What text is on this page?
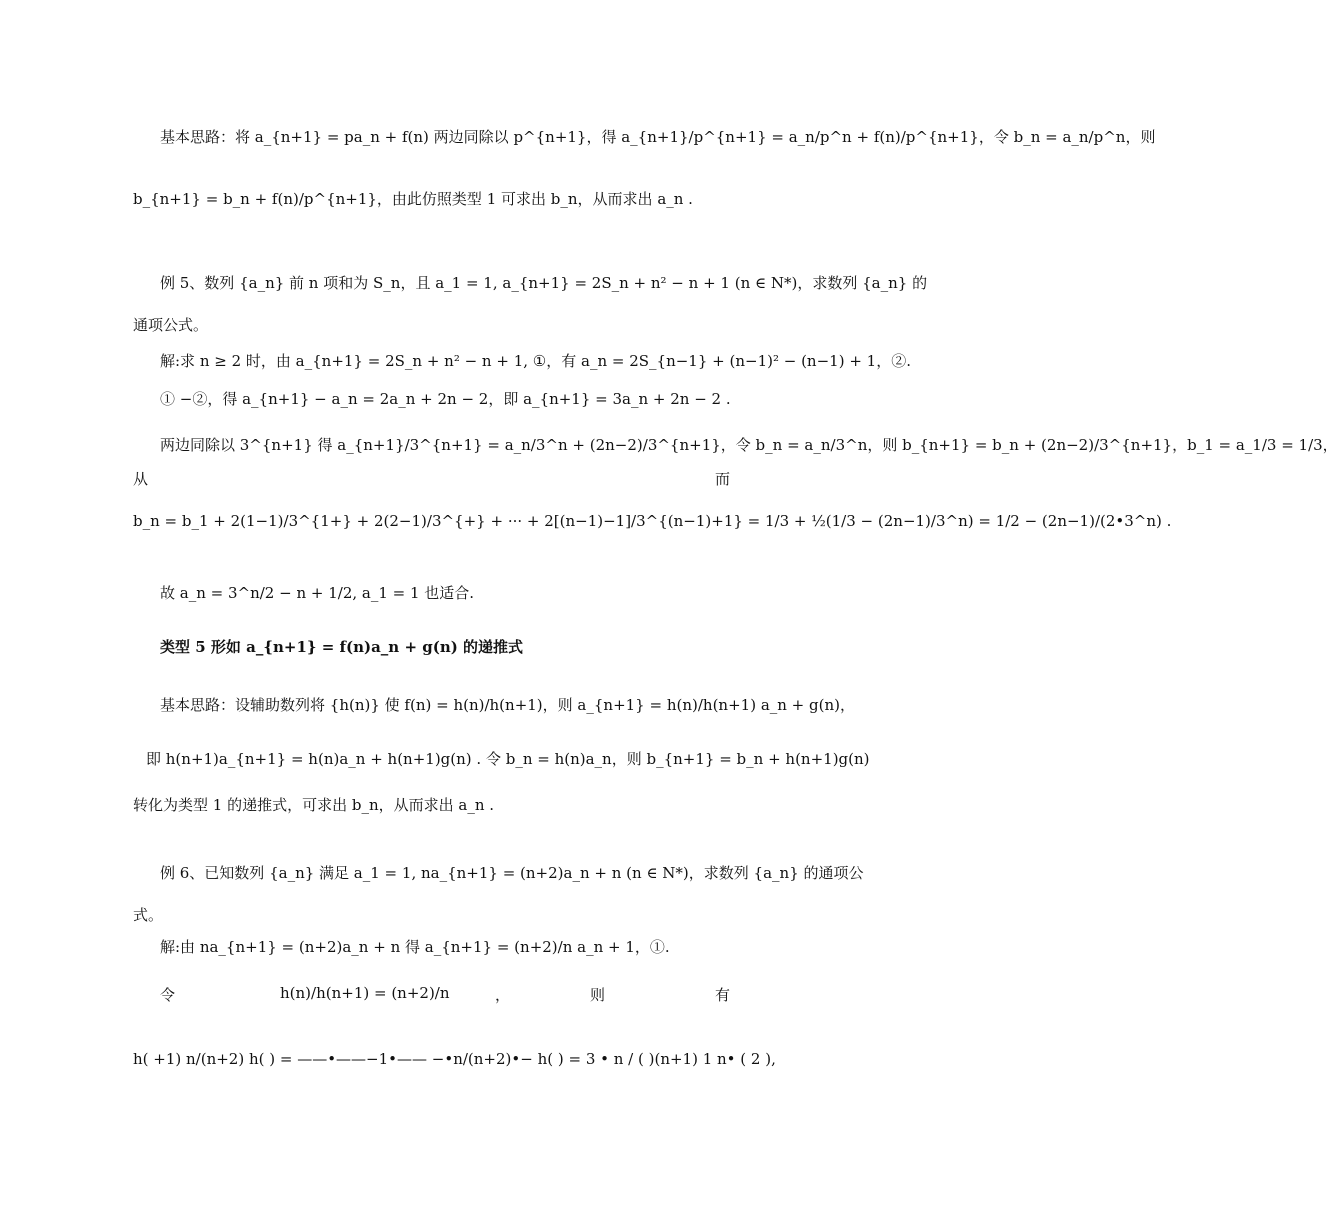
基本思路：将 a_{n+1} = pa_n + f(n) 两边同除以 p^{n+1}，得 a_{n+1}/p^{n+1} = a_n/p^n + f(n)/p^{n+1}，令 b_n = a_n/p^n，则
b_{n+1} = b_n + f(n)/p^{n+1}，由此仿照类型 1 可求出 b_n，从而求出 a_n .
例 5、数列 {a_n} 前 n 项和为 S_n，且 a_1 = 1, a_{n+1} = 2S_n + n² − n + 1 (n ∈ N*)，求数列 {a_n} 的
通项公式。
解:求 n ≥ 2 时，由 a_{n+1} = 2S_n + n² − n + 1, ①，有 a_n = 2S_{n−1} + (n−1)² − (n−1) + 1，②.
① −②，得 a_{n+1} − a_n = 2a_n + 2n − 2，即 a_{n+1} = 3a_n + 2n − 2 .
两边同除以 3^{n+1} 得 a_{n+1}/3^{n+1} = a_n/3^n + (2n−2)/3^{n+1}，令 b_n = a_n/3^n，则 b_{n+1} = b_n + (2n−2)/3^{n+1}，b_1 = a_1/3 = 1/3，
从	而
b_n = b_1 + 2(1−1)/3^{1+} + 2(2−1)/3^{+} + ··· + 2[(n−1)−1]/3^{(n−1)+1} = 1/3 + ½(1/3 − (2n−1)/3^n) = 1/2 − (2n−1)/(2•3^n) .
故 a_n = 3^n/2 − n + 1/2, a_1 = 1 也适合.
类型 5 形如 a_{n+1} = f(n)a_n + g(n) 的递推式
基本思路：设辅助数列将 {h(n)} 使 f(n) = h(n)/h(n+1)，则 a_{n+1} = h(n)/h(n+1) a_n + g(n)，
即 h(n+1)a_{n+1} = h(n)a_n + h(n+1)g(n) . 令 b_n = h(n)a_n，则 b_{n+1} = b_n + h(n+1)g(n)
转化为类型 1 的递推式，可求出 b_n，从而求出 a_n .
例 6、已知数列 {a_n} 满足 a_1 = 1, na_{n+1} = (n+2)a_n + n (n ∈ N*)，求数列 {a_n} 的通项公
式。
解:由 na_{n+1} = (n+2)a_n + n 得 a_{n+1} = (n+2)/n a_n + 1，①.
令	h(n)/h(n+1) = (n+2)/n	，	则	有
h( +1) n/(n+2) h( ) = ——•——−1•—— −•n/(n+2)•− h( ) = 3 • n / ( )(n+1) 1 n• ( 2 ),
